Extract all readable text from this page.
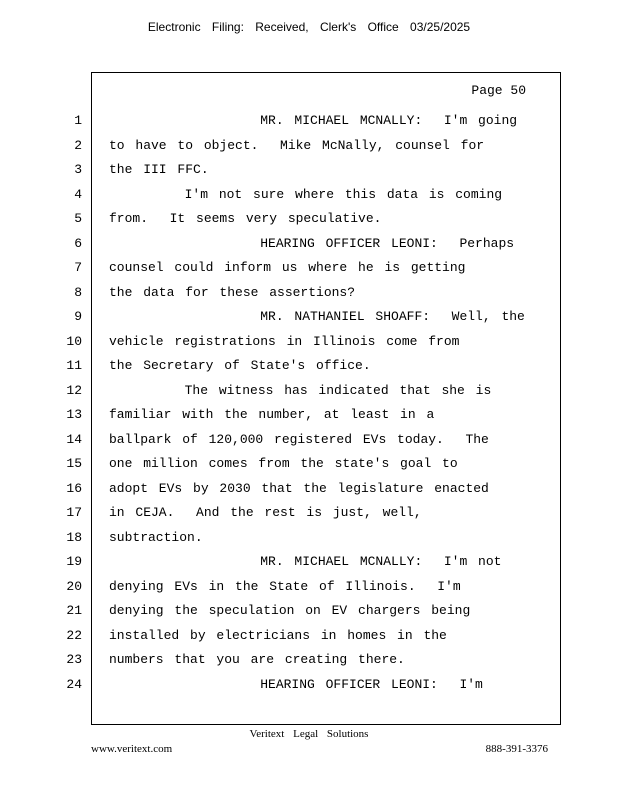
Electronic Filing: Received, Clerk's Office 03/25/2025
Page 50
1 MR. MICHAEL MCNALLY:  I'm going
2 to have to object.  Mike McNally, counsel for
3 the III FFC.
4 I'm not sure where this data is coming
5 from.  It seems very speculative.
6 HEARING OFFICER LEONI:  Perhaps
7 counsel could inform us where he is getting
8 the data for these assertions?
9 MR. NATHANIEL SHOAFF:  Well, the
10 vehicle registrations in Illinois come from
11 the Secretary of State's office.
12 The witness has indicated that she is
13 familiar with the number, at least in a
14 ballpark of 120,000 registered EVs today.  The
15 one million comes from the state's goal to
16 adopt EVs by 2030 that the legislature enacted
17 in CEJA.  And the rest is just, well,
18 subtraction.
19 MR. MICHAEL MCNALLY:  I'm not
20 denying EVs in the State of Illinois.  I'm
21 denying the speculation on EV chargers being
22 installed by electricians in homes in the
23 numbers that you are creating there.
24 HEARING OFFICER LEONI:  I'm
Veritext Legal Solutions
www.veritext.com	888-391-3376
